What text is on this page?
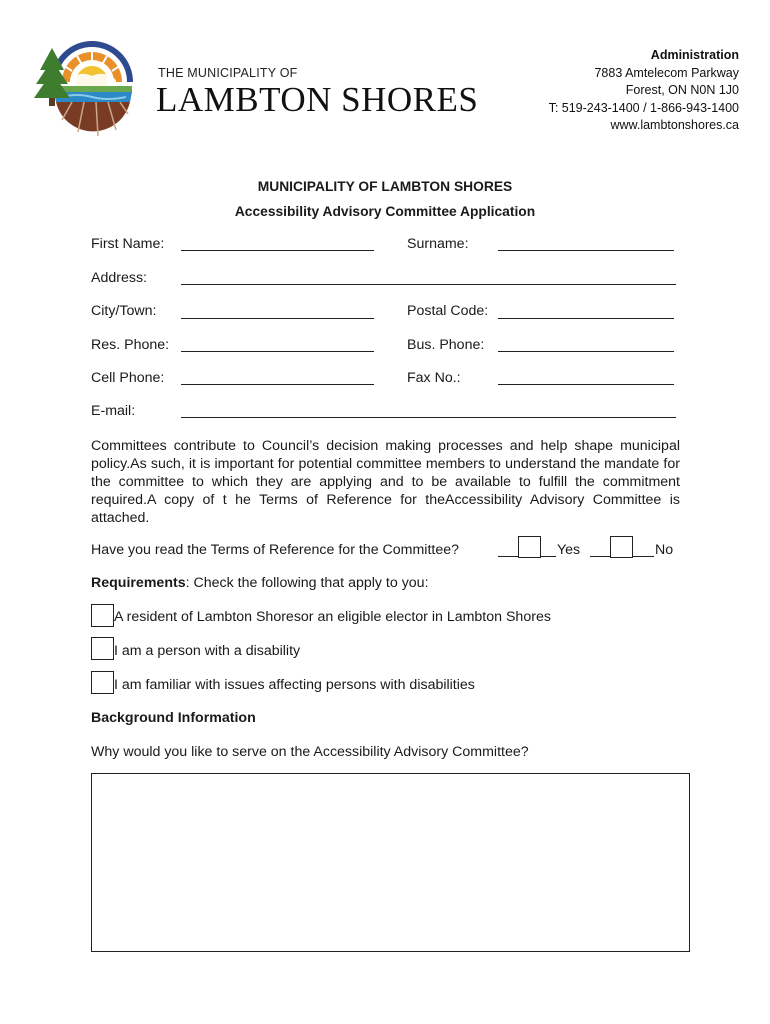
THE MUNICIPALITY OF
LAMBTON SHORES
Administration
7883 Amtelecom Parkway
Forest, ON N0N 1J0
T: 519-243-1400 / 1-866-943-1400
www.lambtonshores.ca
MUNICIPALITY OF LAMBTON SHORES
Accessibility Advisory Committee Application
First Name:	Surname:
Address:
City/Town:	Postal Code:
Res. Phone:	Bus. Phone:
Cell Phone:	Fax No.:
E-mail:
Committees contribute to Council’s decision making processes and help shape municipal policy.As such, it is important for potential committee members to understand the mandate for the committee to which they are applying and to be available to fulfill the commitment required.A copy of t he Terms of Reference for theAccessibility Advisory Committee is attached.
Have you read the Terms of Reference for the Committee?	Yes	No
Requirements: Check the following that apply to you:
A resident of Lambton Shoresor an eligible elector in Lambton Shores
I am a person with a disability
I am familiar with issues affecting persons with disabilities
Background Information
Why would you like to serve on the Accessibility Advisory Committee?
